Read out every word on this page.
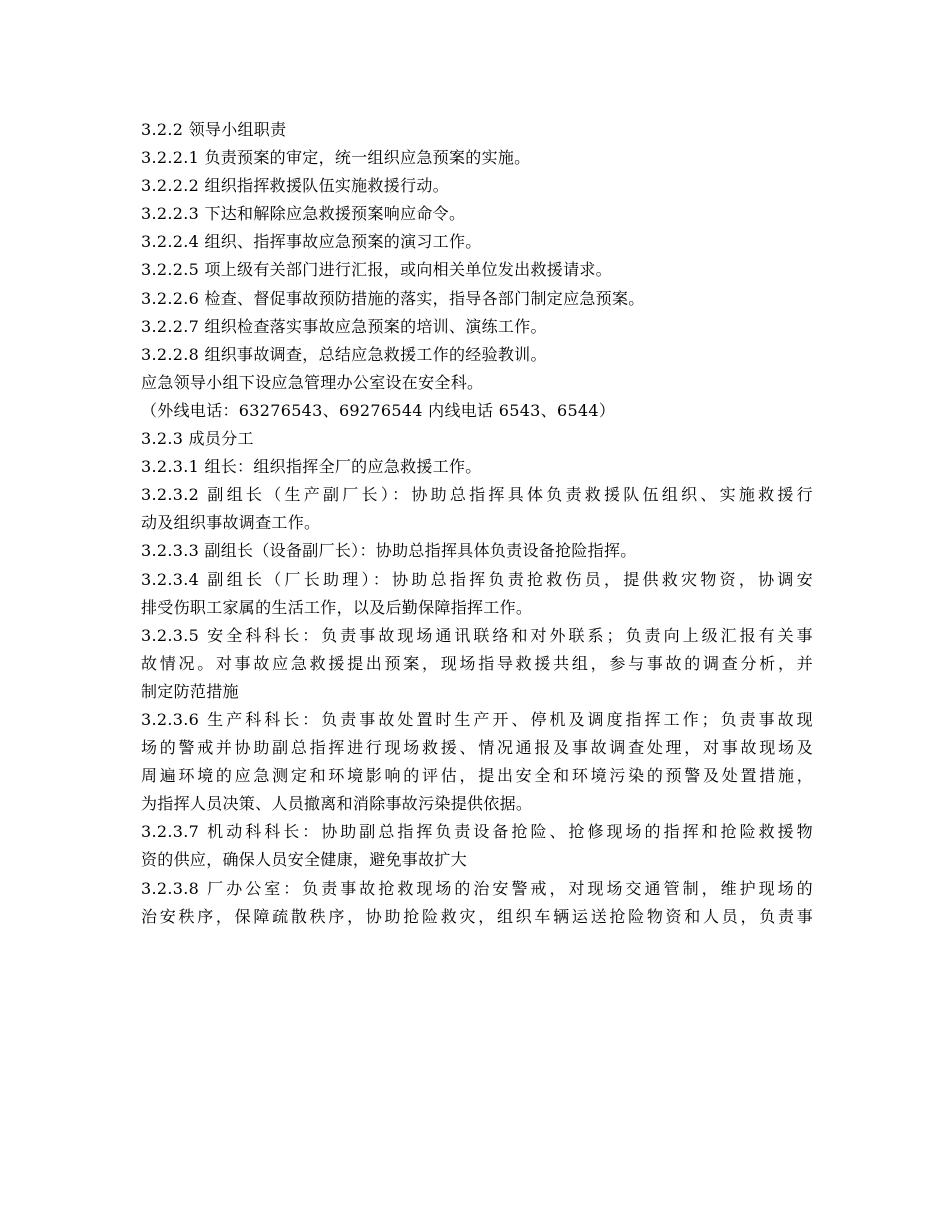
3.2.2 领导小组职责
3.2.2.1 负责预案的审定，统一组织应急预案的实施。
3.2.2.2 组织指挥救援队伍实施救援行动。
3.2.2.3 下达和解除应急救援预案响应命令。
3.2.2.4 组织、指挥事故应急预案的演习工作。
3.2.2.5 项上级有关部门进行汇报，或向相关单位发出救援请求。
3.2.2.6 检查、督促事故预防措施的落实，指导各部门制定应急预案。
3.2.2.7 组织检查落实事故应急预案的培训、演练工作。
3.2.2.8 组织事故调查，总结应急救援工作的经验教训。
应急领导小组下设应急管理办公室设在安全科。
（外线电话：63276543、69276544 内线电话 6543、6544）
3.2.3 成员分工
3.2.3.1 组长：组织指挥全厂的应急救援工作。
3.2.3.2 副组长（生产副厂长）：协助总指挥具体负责救援队伍组织、实施救援行
动及组织事故调查工作。
3.2.3.3 副组长（设备副厂长）：协助总指挥具体负责设备抢险指挥。
3.2.3.4 副组长（厂长助理）：协助总指挥负责抢救伤员，提供救灾物资，协调安
排受伤职工家属的生活工作，以及后勤保障指挥工作。
3.2.3.5 安全科科长：负责事故现场通讯联络和对外联系；负责向上级汇报有关事
故情况。对事故应急救援提出预案，现场指导救援共组，参与事故的调查分析，并
制定防范措施
3.2.3.6 生产科科长：负责事故处置时生产开、停机及调度指挥工作；负责事故现
场的警戒并协助副总指挥进行现场救援、情况通报及事故调查处理，对事故现场及
周遍环境的应急测定和环境影响的评估，提出安全和环境污染的预警及处置措施，
为指挥人员决策、人员撤离和消除事故污染提供依据。
3.2.3.7 机动科科长：协助副总指挥负责设备抢险、抢修现场的指挥和抢险救援物
资的供应，确保人员安全健康，避免事故扩大
3.2.3.8 厂办公室：负责事故抢救现场的治安警戒，对现场交通管制，维护现场的
治安秩序，保障疏散秩序，协助抢险救灾，组织车辆运送抢险物资和人员，负责事
